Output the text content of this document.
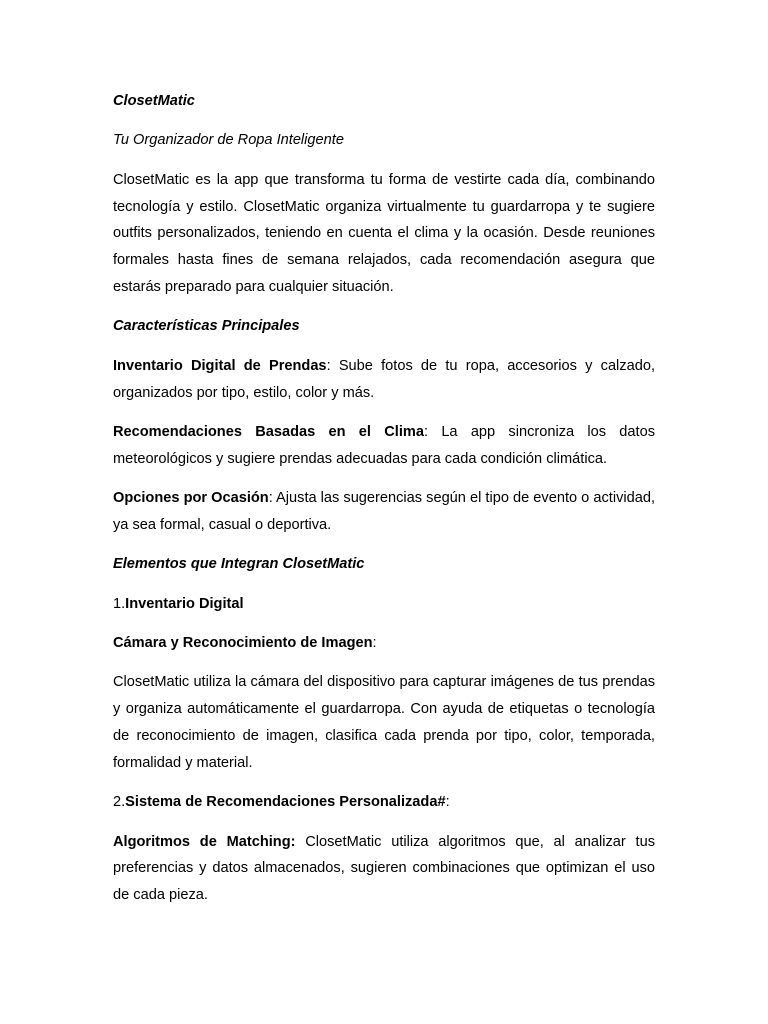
ClosetMatic

Tu Organizador de Ropa Inteligente

ClosetMatic es la app que transforma tu forma de vestirte cada día, combinando tecnología y estilo. ClosetMatic organiza virtualmente tu guardarropa y te sugiere outfits personalizados, teniendo en cuenta el clima y la ocasión. Desde reuniones formales hasta fines de semana relajados, cada recomendación asegura que estarás preparado para cualquier situación.

Características Principales

Inventario Digital de Prendas: Sube fotos de tu ropa, accesorios y calzado, organizados por tipo, estilo, color y más.

Recomendaciones Basadas en el Clima: La app sincroniza los datos meteorológicos y sugiere prendas adecuadas para cada condición climática.

Opciones por Ocasión: Ajusta las sugerencias según el tipo de evento o actividad, ya sea formal, casual o deportiva.

Elementos que Integran ClosetMatic

1.Inventario Digital

Cámara y Reconocimiento de Imagen:

ClosetMatic utiliza la cámara del dispositivo para capturar imágenes de tus prendas y organiza automáticamente el guardarropa. Con ayuda de etiquetas o tecnología de reconocimiento de imagen, clasifica cada prenda por tipo, color, temporada, formalidad y material.

2.Sistema de Recomendaciones Personalizada#:

Algoritmos de Matching: ClosetMatic utiliza algoritmos que, al analizar tus preferencias y datos almacenados, sugieren combinaciones que optimizan el uso de cada pieza.
